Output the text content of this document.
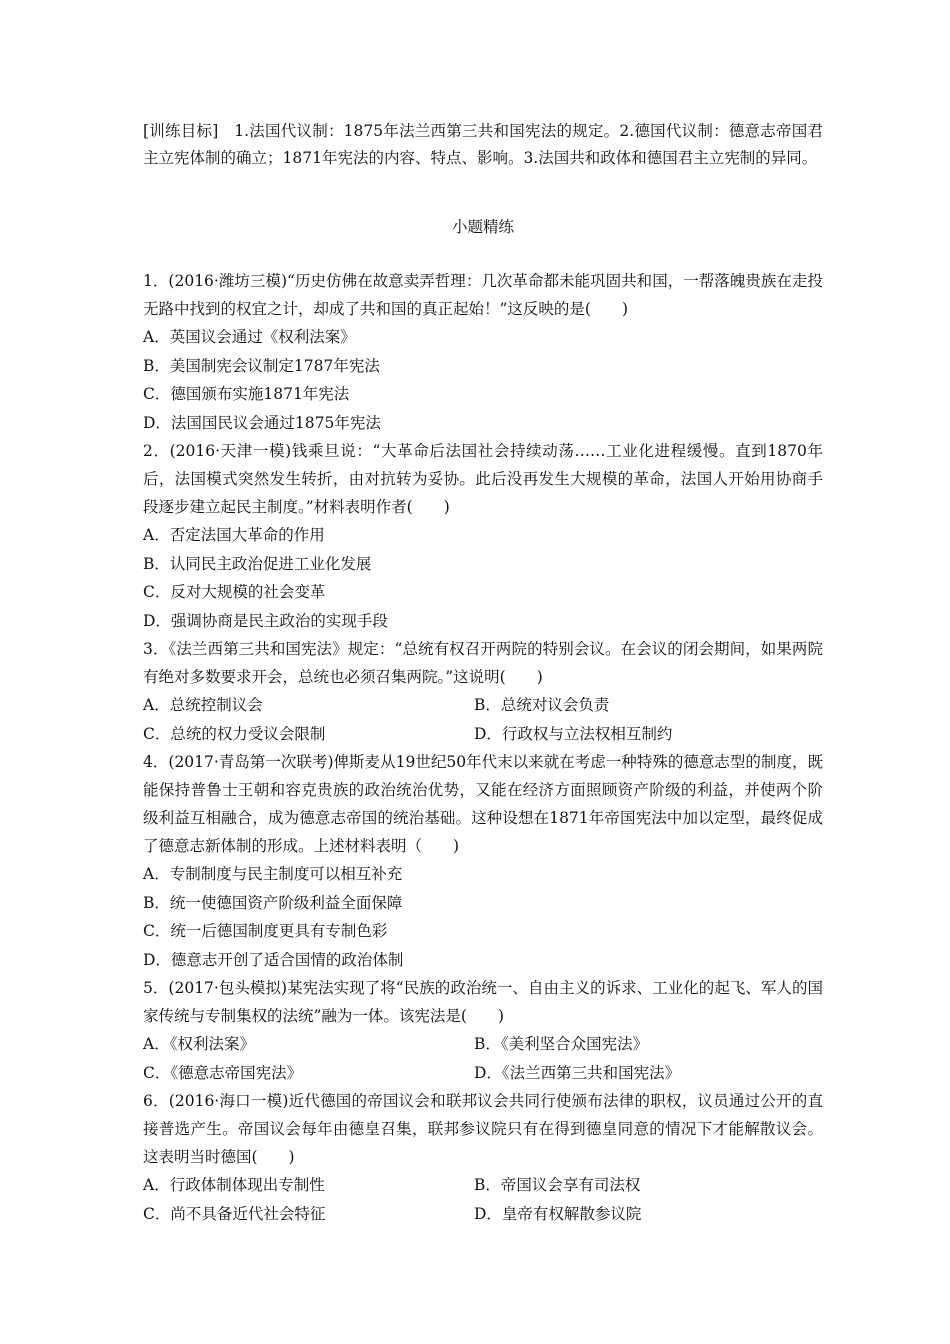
[训练目标]　1.法国代议制：1875年法兰西第三共和国宪法的规定。2.德国代议制：德意志帝国君主立宪体制的确立；1871年宪法的内容、特点、影响。3.法国共和政体和德国君主立宪制的异同。

小题精练

1．(2016·潍坊三模)“历史仿佛在故意卖弄哲理：几次革命都未能巩固共和国，一帮落魄贵族在走投无路中找到的权宜之计，却成了共和国的真正起始！”这反映的是(　　)

A．英国议会通过《权利法案》

B．美国制宪会议制定1787年宪法

C．德国颁布实施1871年宪法

D．法国国民议会通过1875年宪法

2．(2016·天津一模)钱乘旦说：“大革命后法国社会持续动荡……工业化进程缓慢。直到1870年后，法国模式突然发生转折，由对抗转为妥协。此后没再发生大规模的革命，法国人开始用协商手段逐步建立起民主制度。”材料表明作者(　　)

A．否定法国大革命的作用

B．认同民主政治促进工业化发展

C．反对大规模的社会变革

D．强调协商是民主政治的实现手段

3．《法兰西第三共和国宪法》规定：“总统有权召开两院的特别会议。在会议的闭会期间，如果两院有绝对多数要求开会，总统也必须召集两院。”这说明(　　)

A．总统控制议会	B．总统对议会负责
C．总统的权力受议会限制	D．行政权与立法权相互制约

4．(2017·青岛第一次联考)俾斯麦从19世纪50年代末以来就在考虑一种特殊的德意志型的制度，既能保持普鲁士王朝和容克贵族的政治统治优势，又能在经济方面照顾资产阶级的利益，并使两个阶级利益互相融合，成为德意志帝国的统治基础。这种设想在1871年帝国宪法中加以定型，最终促成了德意志新体制的形成。上述材料表明（　　)

A．专制制度与民主制度可以相互补充

B．统一使德国资产阶级利益全面保障

C．统一后德国制度更具有专制色彩

D．德意志开创了适合国情的政治体制

5．(2017·包头模拟)某宪法实现了将“民族的政治统一、自由主义的诉求、工业化的起飞、军人的国家传统与专制集权的法统”融为一体。该宪法是(　　)

A．《权利法案》	B．《美利坚合众国宪法》
C．《德意志帝国宪法》	D．《法兰西第三共和国宪法》

6．(2016·海口一模)近代德国的帝国议会和联邦议会共同行使颁布法律的职权，议员通过公开的直接普选产生。帝国议会每年由德皇召集，联邦参议院只有在得到德皇同意的情况下才能解散议会。这表明当时德国(　　)

A．行政体制体现出专制性	B．帝国议会享有司法权
C．尚不具备近代社会特征	D．皇帝有权解散参议院
